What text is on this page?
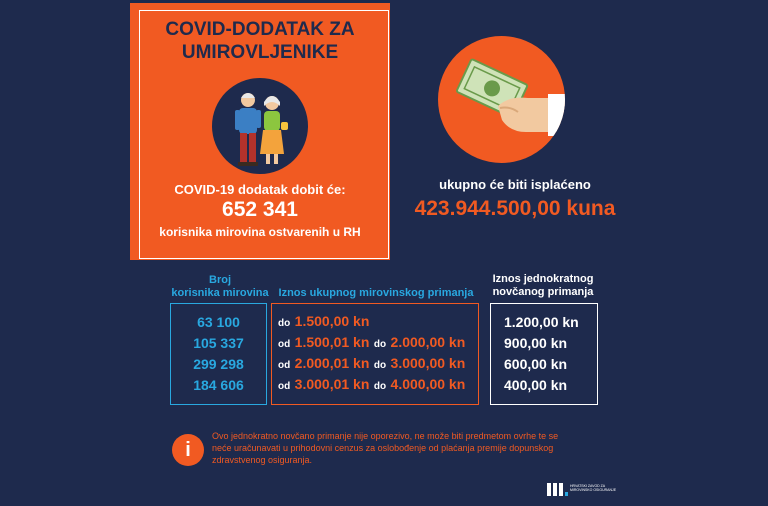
COVID-DODATAK ZA
UMIROVLJENIKE
COVID-19 dodatak dobit će:
652 341
korisnika mirovina ostvarenih u RH
ukupno će biti isplaćeno
423.944.500,00 kuna
Broj
korisnika mirovina Iznos ukupnog mirovinskog primanja
Iznos jednokratnog
novčanog primanja
63 100
105 337
299 298
184 606
do 1.500,00 kn
od 1.500,01 kn do 2.000,00 kn
od 2.000,01 kn do 3.000,00 kn
od 3.000,01 kn do 4.000,00 kn
1.200,00 kn
900,00 kn
600,00 kn
400,00 kn
i
Ovo jednokratno novčano primanje nije oporezivo, ne može biti predmetom ovrhe te se
neće uračunavati u prihodovni cenzus za oslobođenje od plaćanja premije dopunskog
zdravstvenog osiguranja.
HRVATSKI ZAVOD ZA
MIROVINSKO OSIGURANJE
